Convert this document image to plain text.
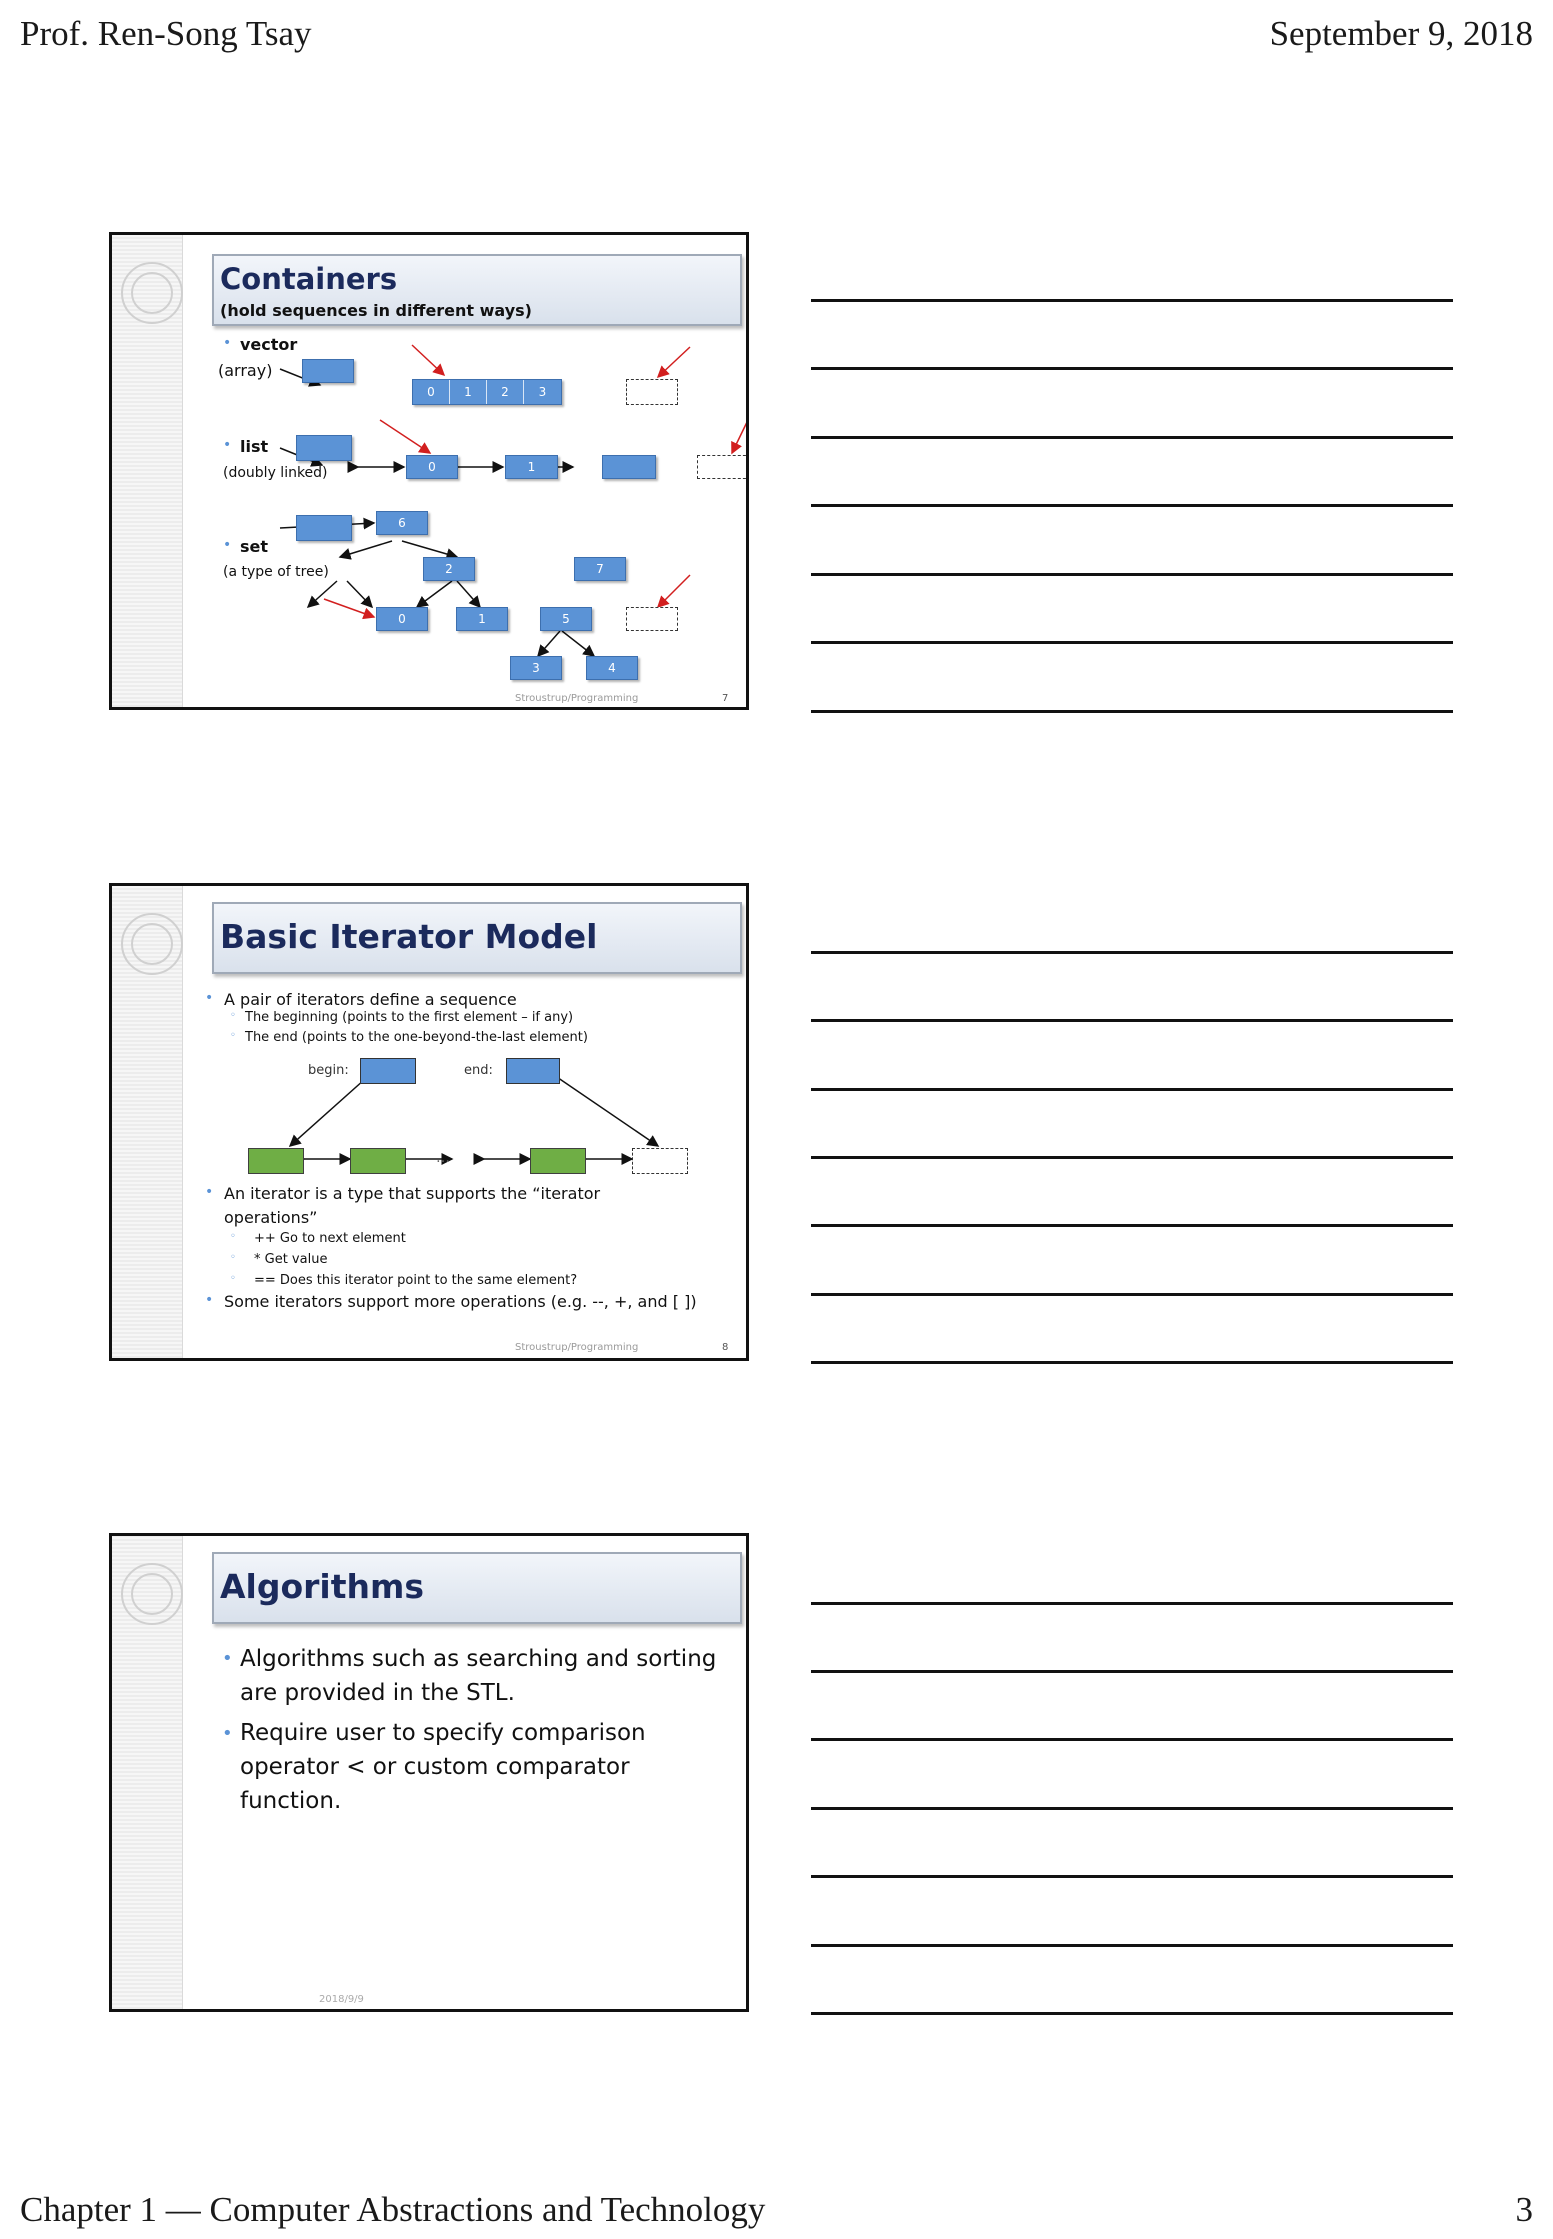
Prof. Ren-Song Tsay	September 9, 2018
Containers
(hold sequences in different ways)
• vector
(array)
0	1	2	3
• list
(doubly linked)	0	1
• set
(a type of tree)
6
2	7
0	1	5
3	4
Stroustrup/Programming	7
Basic Iterator Model
• A pair of iterators define a sequence
◦ The beginning (points to the first element – if any)
◦ The end (points to the one-beyond-the-last element)
begin:	end:
…
• An iterator is a type that supports the “iterator
operations”
◦ ++ Go to next element
◦ * Get value
◦ == Does this iterator point to the same element?
• Some iterators support more operations (e.g. --, +, and [ ])
Stroustrup/Programming	8
Algorithms
• Algorithms such as searching and sorting
are provided in the STL.
• Require user to specify comparison
operator < or custom comparator
function.
2018/9/9
Chapter 1 — Computer Abstractions and Technology	3
